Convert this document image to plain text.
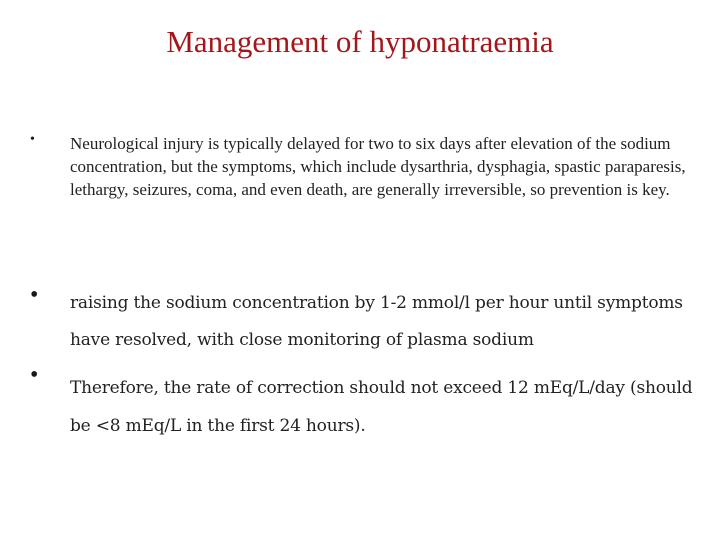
Management of hyponatraemia
• Neurological injury is typically delayed for two to six days after elevation of the sodium concentration, but the symptoms, which include dysarthria, dysphagia, spastic paraparesis, lethargy, seizures, coma, and even death, are generally irreversible, so prevention is key.
• raising the sodium concentration by 1-2 mmol/l per hour until symptoms have resolved, with close monitoring of plasma sodium
• Therefore, the rate of correction should not exceed 12 mEq/L/day (should be <8 mEq/L in the first 24 hours).
